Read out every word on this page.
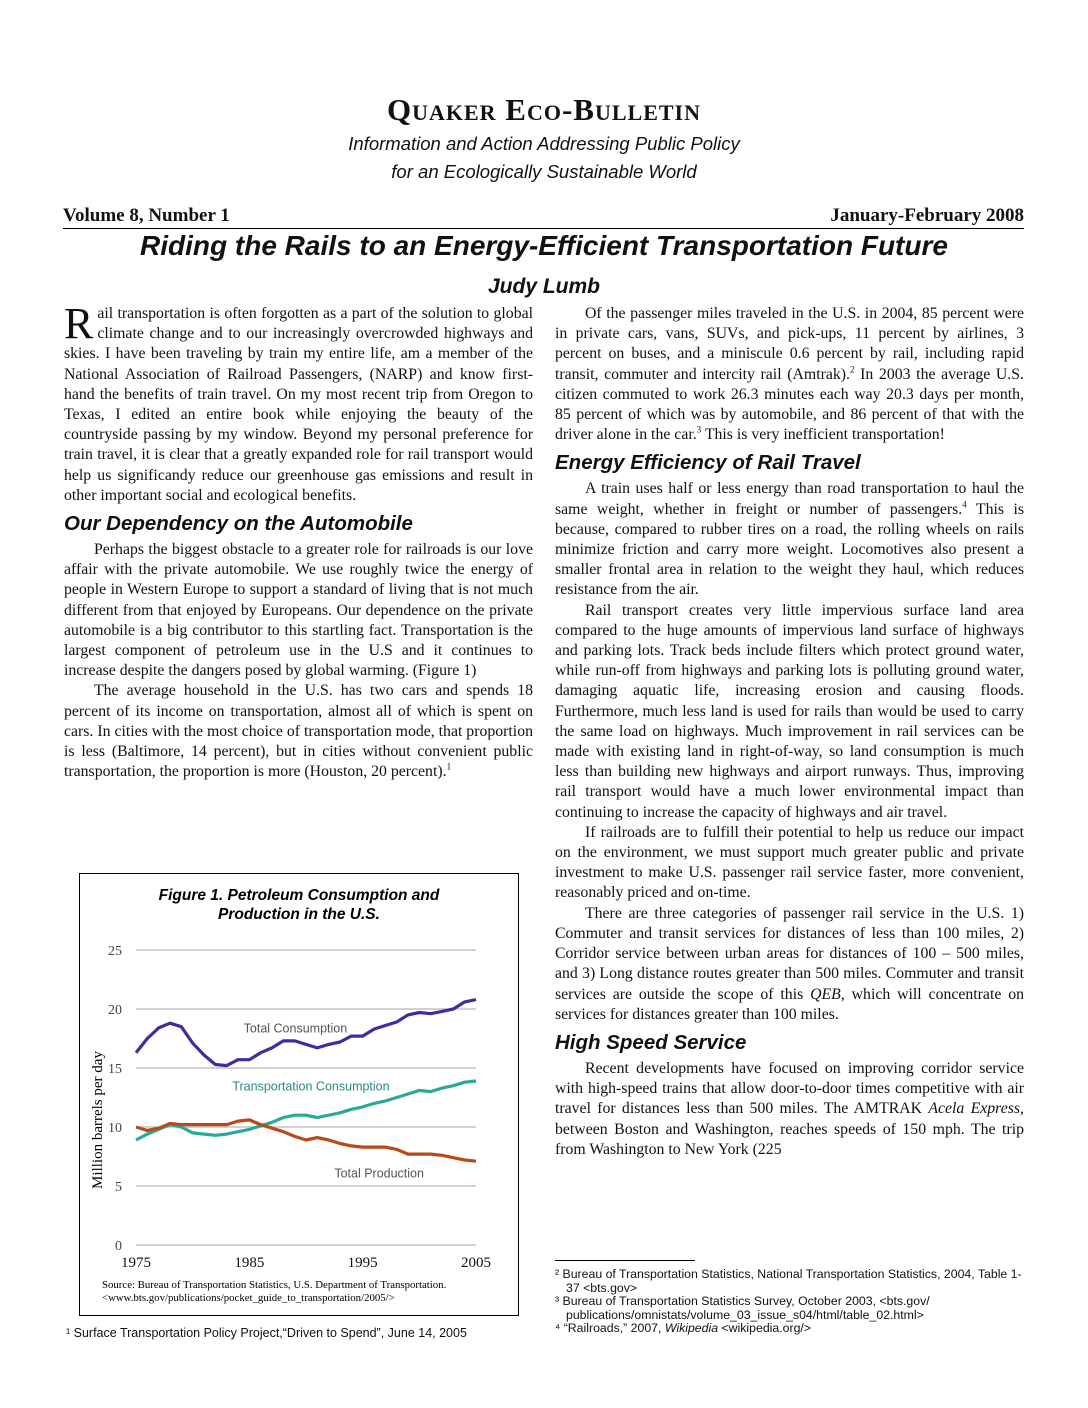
Quaker Eco-Bulletin
Information and Action Addressing Public Policy
for an Ecologically Sustainable World
Volume 8, Number 1	January-February 2008
Riding the Rails to an Energy-Efficient Transportation Future
Judy Lumb

Rail transportation is often forgotten as a part of the solution to global climate change and to our increasingly overcrowded highways and skies. I have been traveling by train my entire life, am a member of the National Association of Railroad Passengers, (NARP) and know first-hand the benefits of train travel. On my most recent trip from Oregon to Texas, I edited an entire book while enjoying the beauty of the countryside passing by my window. Beyond my personal preference for train travel, it is clear that a greatly expanded role for rail transport would help us significandy reduce our greenhouse gas emissions and result in other important social and ecological benefits.

Our Dependency on the Automobile

Perhaps the biggest obstacle to a greater role for railroads is our love affair with the private automobile. We use roughly twice the energy of people in Western Europe to support a standard of living that is not much different from that enjoyed by Europeans. Our dependence on the private automobile is a big contributor to this startling fact. Transportation is the largest component of petroleum use in the U.S and it continues to increase despite the dangers posed by global warming. (Figure 1)

The average household in the U.S. has two cars and spends 18 percent of its income on transportation, almost all of which is spent on cars. In cities with the most choice of transportation mode, that proportion is less (Baltimore, 14 percent), but in cities without convenient public transportation, the proportion is more (Houston, 20 percent).$^1$

Figure 1. Petroleum Consumption and
Production in the U.S.
0
5
10
15
20
25
1975	1985	1995	2005
Total Consumption
Transportation Consumption
Total Production
Million barrels per day
Source: Bureau of Transportation Statistics, U.S. Department of Transportation.
<www.bts.gov/publications/pocket_guide_to_transportation/2005/>
¹ Surface Transportation Policy Project,“Driven to Spend”, June 14, 2005

Of the passenger miles traveled in the U.S. in 2004, 85 percent were in private cars, vans, SUVs, and pick-ups, 11 percent by airlines, 3 percent on buses, and a miniscule 0.6 percent by rail, including rapid transit, commuter and intercity rail (Amtrak).$^2$ In 2003 the average U.S. citizen commuted to work 26.3 minutes each way 20.3 days per month, 85 percent of which was by automobile, and 86 percent of that with the driver alone in the car.$^3$ This is very inefficient transportation!

Energy Efficiency of Rail Travel

A train uses half or less energy than road transportation to haul the same weight, whether in freight or number of passengers.$^4$ This is because, compared to rubber tires on a road, the rolling wheels on rails minimize friction and carry more weight. Locomotives also present a smaller frontal area in relation to the weight they haul, which reduces resistance from the air.

Rail transport creates very little impervious surface land area compared to the huge amounts of impervious land surface of highways and parking lots. Track beds include filters which protect ground water, while run-off from highways and parking lots is polluting ground water, damaging aquatic life, increasing erosion and causing floods. Furthermore, much less land is used for rails than would be used to carry the same load on highways. Much improvement in rail services can be made with existing land in right-of-way, so land consumption is much less than building new highways and airport runways. Thus, improving rail transport would have a much lower environmental impact than continuing to increase the capacity of highways and air travel.

If railroads are to fulfill their potential to help us reduce our impact on the environment, we must support much greater public and private investment to make U.S. passenger rail service faster, more convenient, reasonably priced and on-time.

There are three categories of passenger rail service in the U.S. 1) Commuter and transit services for distances of less than 100 miles, 2) Corridor service between urban areas for distances of 100 – 500 miles, and 3) Long distance routes greater than 500 miles. Commuter and transit services are outside the scope of this QEB, which will concentrate on services for distances greater than 100 miles.

High Speed Service

Recent developments have focused on improving corridor service with high-speed trains that allow door-to-door times competitive with air travel for distances less than 500 miles. The AMTRAK Acela Express, between Boston and Washington, reaches speeds of 150 mph. The trip from Washington to New York (225

² Bureau of Transportation Statistics, National Transportation Statistics, 2004, Table 1-37 <bts.gov>
³ Bureau of Transportation Statistics Survey, October 2003, <bts.gov/ publications/omnistats/volume_03_issue_s04/html/table_02.html>
⁴ “Railroads,” 2007, Wikipedia <wikipedia.org/>
